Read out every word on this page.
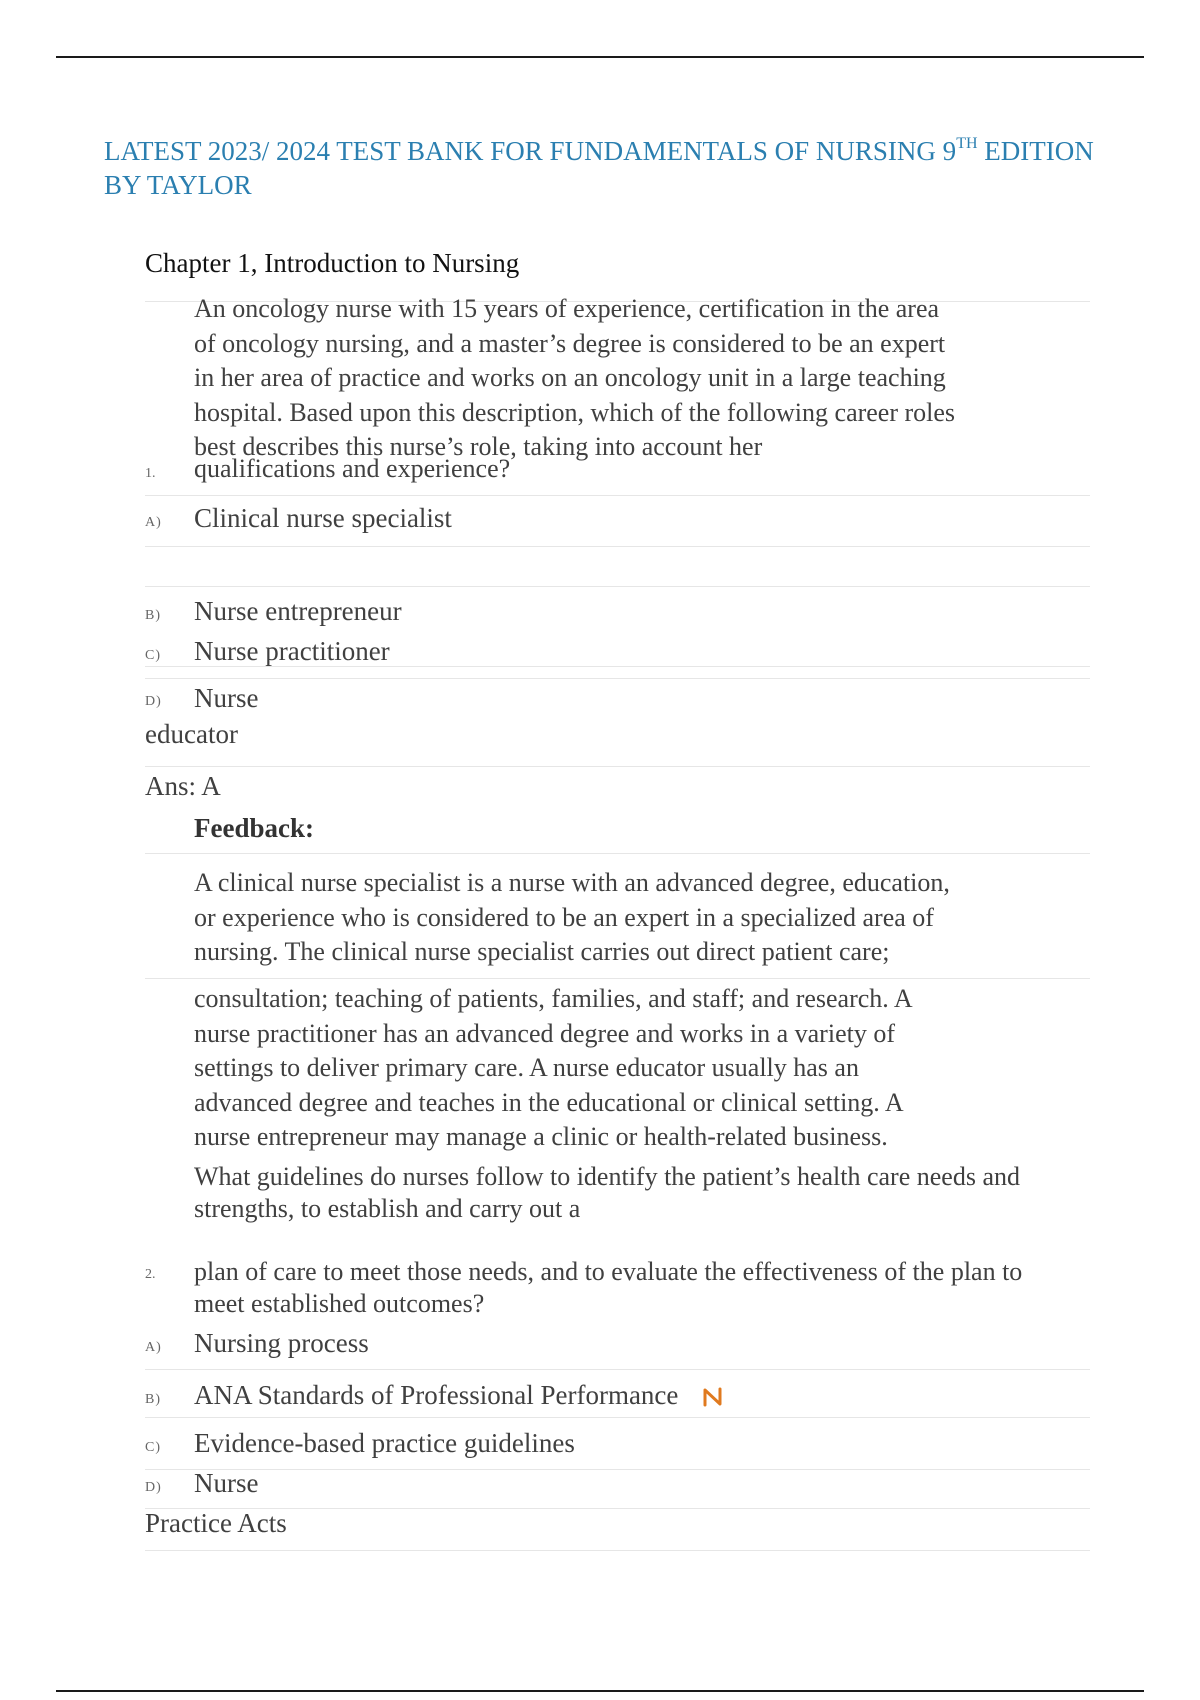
LATEST 2023/ 2024 TEST BANK FOR FUNDAMENTALS OF NURSING 9TH EDITION
BY TAYLOR
Chapter 1, Introduction to Nursing
An oncology nurse with 15 years of experience, certification in the area
of oncology nursing, and a master’s degree is considered to be an expert
in her area of practice and works on an oncology unit in a large teaching
hospital. Based upon this description, which of the following career roles
best describes this nurse’s role, taking into account her
qualifications and experience?
1.
A) Clinical nurse specialist
B) Nurse entrepreneur
C) Nurse practitioner
D) Nurse
educator
Ans: A
Feedback:
A clinical nurse specialist is a nurse with an advanced degree, education,
or experience who is considered to be an expert in a specialized area of
nursing. The clinical nurse specialist carries out direct patient care;
consultation; teaching of patients, families, and staff; and research. A
nurse practitioner has an advanced degree and works in a variety of
settings to deliver primary care. A nurse educator usually has an
advanced degree and teaches in the educational or clinical setting. A
nurse entrepreneur may manage a clinic or health-related business.
What guidelines do nurses follow to identify the patient’s health care needs and
strengths, to establish and carry out a
2. plan of care to meet those needs, and to evaluate the effectiveness of the plan to
meet established outcomes?
A) Nursing process
B) ANA Standards of Professional Performance
C) Evidence-based practice guidelines
D) Nurse
Practice Acts
